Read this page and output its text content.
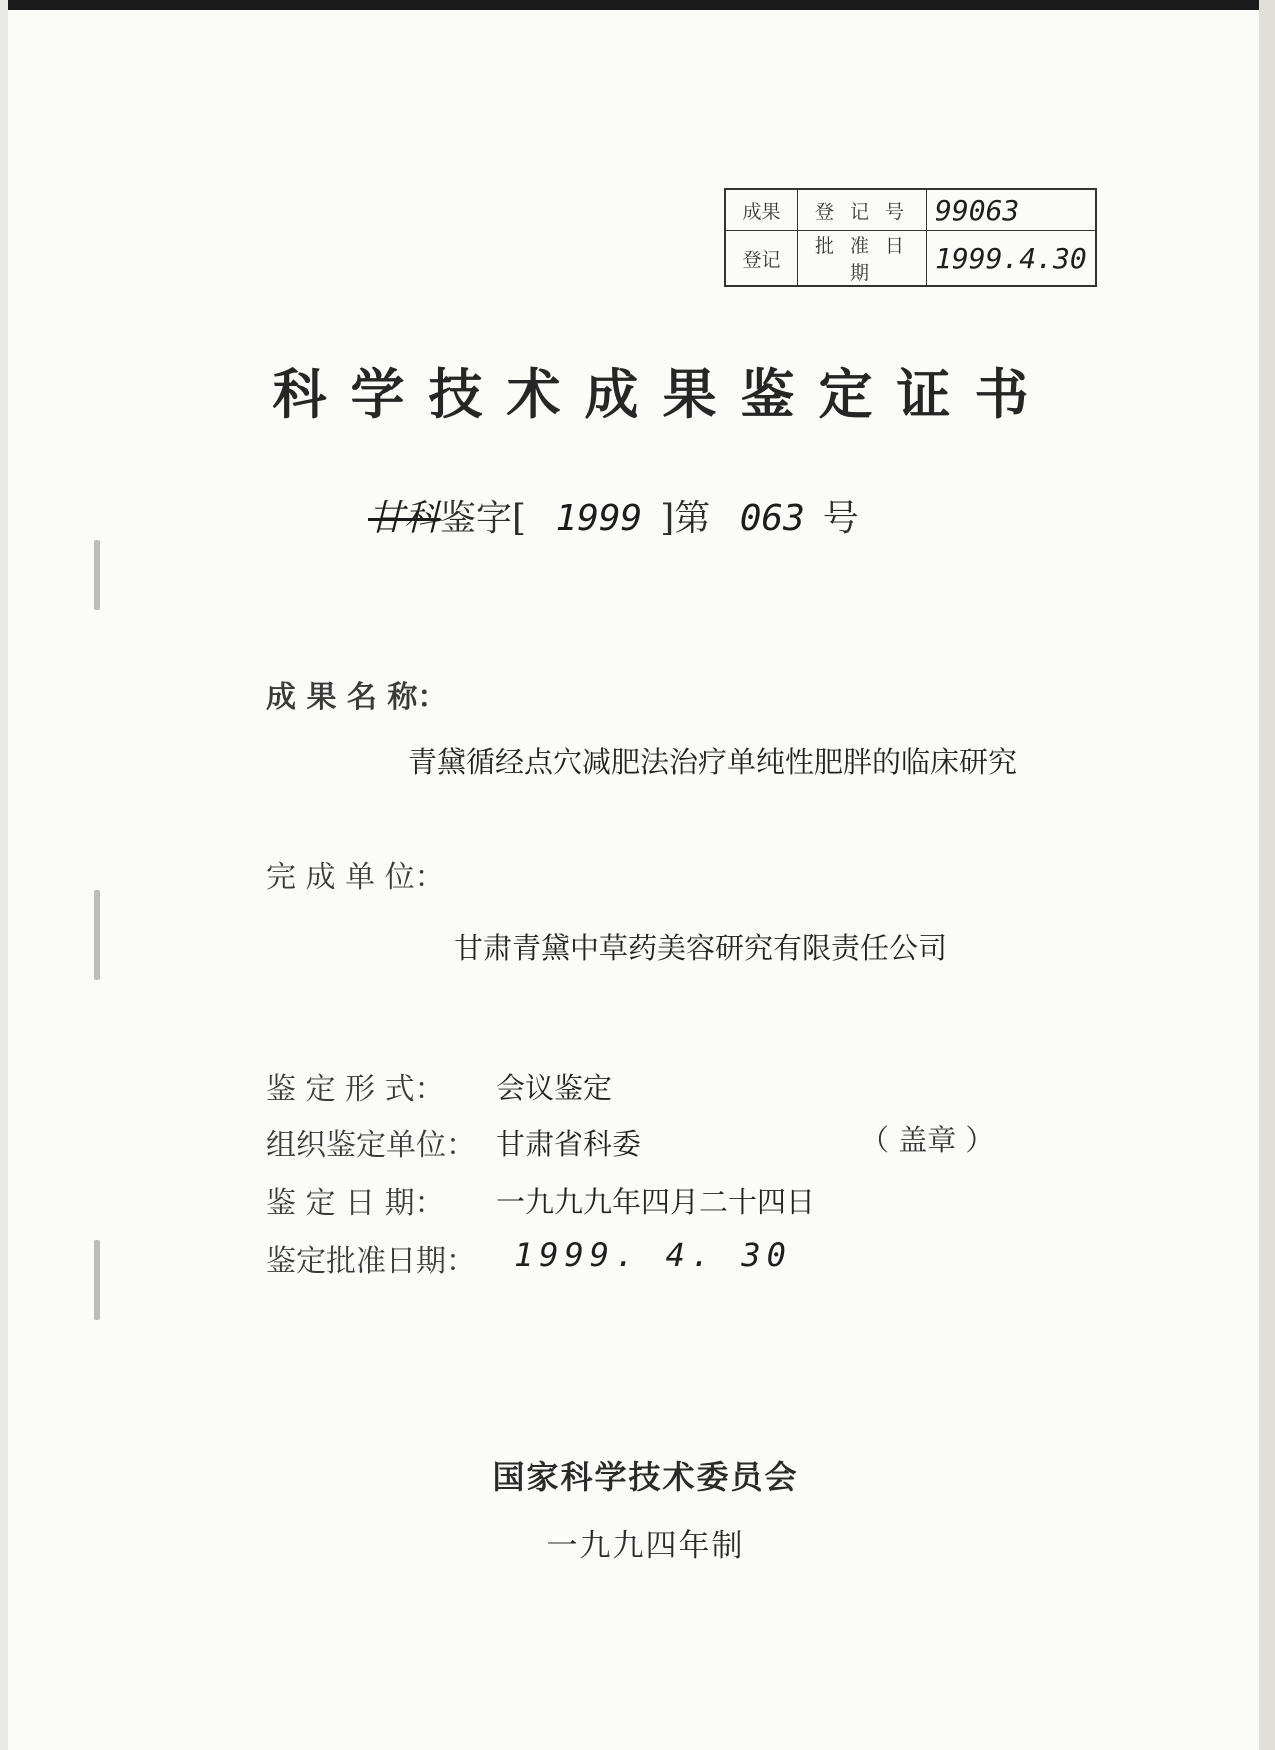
成果	登 记 号	99063
登记	批 准 日 期	1999.4.30
科学技术成果鉴定证书
甘科鉴字[ 1999 ]第 063 号
成 果 名 称：
青黛循经点穴减肥法治疗单纯性肥胖的临床研究
完 成 单 位：
甘肃青黛中草药美容研究有限责任公司
鉴 定 形 式： 会议鉴定
组织鉴定单位： 甘肃省科委	（ 盖章 ）
鉴 定 日 期： 一九九九年四月二十四日
鉴定批准日期： 1999. 4. 30
国家科学技术委员会
一九九四年制
